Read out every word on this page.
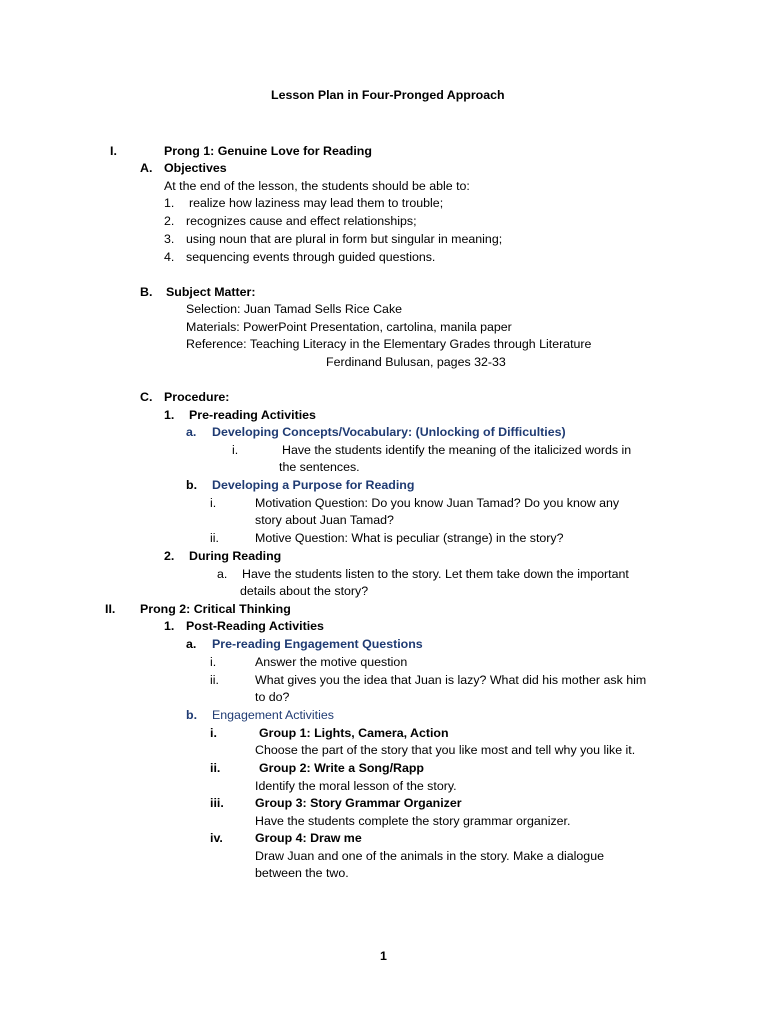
Lesson Plan in Four-Pronged Approach
I.	Prong 1: Genuine Love for Reading
A. Objectives
At the end of the lesson, the students should be able to:
1. realize how laziness may lead them to trouble;
2. recognizes cause and effect relationships;
3. using noun that are plural in form but singular in meaning;
4. sequencing events through guided questions.
B. Subject Matter:
Selection: Juan Tamad Sells Rice Cake
Materials: PowerPoint Presentation, cartolina, manila paper
Reference: Teaching Literacy in the Elementary Grades through Literature
Ferdinand Bulusan, pages 32-33
C. Procedure:
1. Pre-reading Activities
a. Developing Concepts/Vocabulary: (Unlocking of Difficulties)
i.	Have the students identify the meaning of the italicized words in
the sentences.
b. Developing a Purpose for Reading
i.	Motivation Question: Do you know Juan Tamad? Do you know any
story about Juan Tamad?
ii.	Motive Question: What is peculiar (strange) in the story?
2. During Reading
a. Have the students listen to the story. Let them take down the important
details about the story?
II. Prong 2: Critical Thinking
1. Post-Reading Activities
a. Pre-reading Engagement Questions
i.	Answer the motive question
ii.	What gives you the idea that Juan is lazy? What did his mother ask him
to do?
b. Engagement Activities
i.	Group 1: Lights, Camera, Action
Choose the part of the story that you like most and tell why you like it.
ii.	Group 2: Write a Song/Rapp
Identify the moral lesson of the story.
iii.	Group 3: Story Grammar Organizer
Have the students complete the story grammar organizer.
iv.	Group 4: Draw me
Draw Juan and one of the animals in the story. Make a dialogue
between the two.
1
